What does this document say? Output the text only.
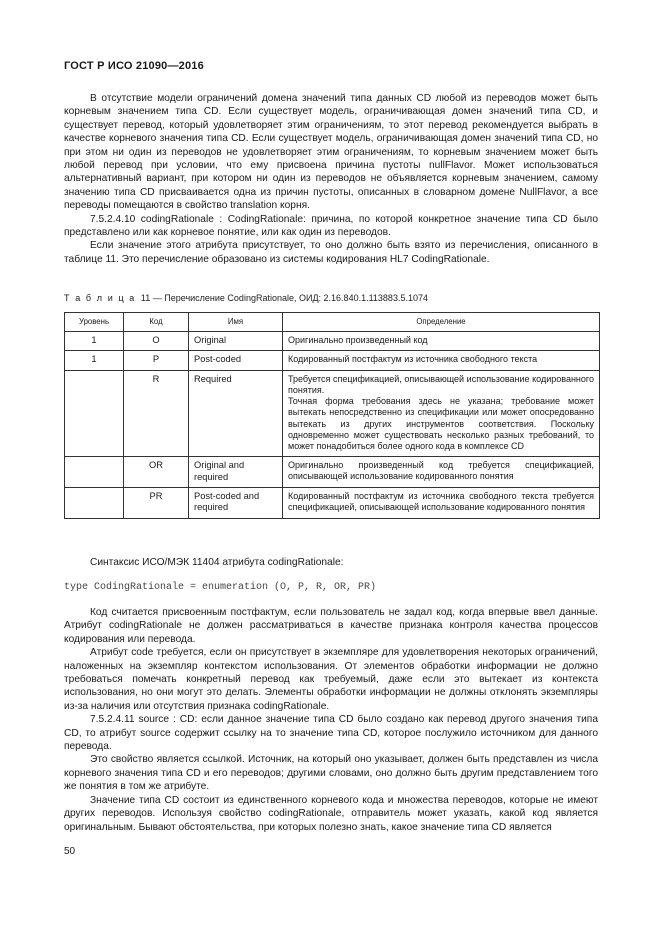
ГОСТ Р ИСО 21090—2016

В отсутствие модели ограничений домена значений типа данных CD любой из переводов может быть корневым значением типа CD. Если существует модель, ограничивающая домен значений типа CD, и существует перевод, который удовлетворяет этим ограничениям, то этот перевод рекомендуется выбрать в качестве корневого значения типа CD. Если существует модель, ограничивающая домен значений типа CD, но при этом ни один из переводов не удовлетворяет этим ограничениям, то корневым значением может быть любой перевод при условии, что ему присвоена причина пустоты nullFlavor. Может использоваться альтернативный вариант, при котором ни один из переводов не объявляется корневым значением, самому значению типа CD присваивается одна из причин пустоты, описанных в словарном домене NullFlavor, а все переводы помещаются в свойство translation корня.

7.5.2.4.10 codingRationale : CodingRationale: причина, по которой конкретное значение типа CD было представлено или как корневое понятие, или как один из переводов.

Если значение этого атрибута присутствует, то оно должно быть взято из перечисления, описанного в таблице 11. Это перечисление образовано из системы кодирования HL7 CodingRationale.

Т а б л и ц а 11 — Перечисление CodingRationale, ОИД: 2.16.840.1.113883.5.1074
Уровень	Код	Имя	Определение
1	O	Original	Оригинально произведенный код
1	P	Post-coded	Кодированный постфактум из источника свободного текста
	R	Required	Требуется спецификацией, описывающей использование кодированного понятия.
Точная форма требования здесь не указана; требование может вытекать непосредственно из спецификации или может опосредованно вытекать из других инструментов соответствия. Поскольку одновременно может существовать несколько разных требований, то может понадобиться более одного кода в комплексе CD
	OR	Original and required	Оригинально произведенный код требуется спецификацией, описывающей использование кодированного понятия
	PR	Post-coded and required	Кодированный постфактум из источника свободного текста требуется спецификацией, описывающей использование кодированного понятия
Синтаксис ИСО/МЭК 11404 атрибута codingRationale:
type CodingRationale = enumeration (O, P, R, OR, PR)

Код считается присвоенным постфактум, если пользователь не задал код, когда впервые ввел данные. Атрибут codingRationale не должен рассматриваться в качестве признака контроля качества процессов кодирования или перевода.

Атрибут code требуется, если он присутствует в экземпляре для удовлетворения некоторых ограничений, наложенных на экземпляр контекстом использования. От элементов обработки информации не должно требоваться помечать конкретный перевод как требуемый, даже если это вытекает из контекста использования, но они могут это делать. Элементы обработки информации не должны отклонять экземпляры из-за наличия или отсутствия признака codingRationale.

7.5.2.4.11 source : CD: если данное значение типа CD было создано как перевод другого значения типа CD, то атрибут source содержит ссылку на то значение типа CD, которое послужило источником для данного перевода.

Это свойство является ссылкой. Источник, на который оно указывает, должен быть представлен из числа корневого значения типа CD и его переводов; другими словами, оно должно быть другим представлением того же понятия в том же атрибуте.

Значение типа CD состоит из единственного корневого кода и множества переводов, которые не имеют других переводов. Используя свойство codingRationale, отправитель может указать, какой код является оригинальным. Бывают обстоятельства, при которых полезно знать, какое значение типа CD является

50
